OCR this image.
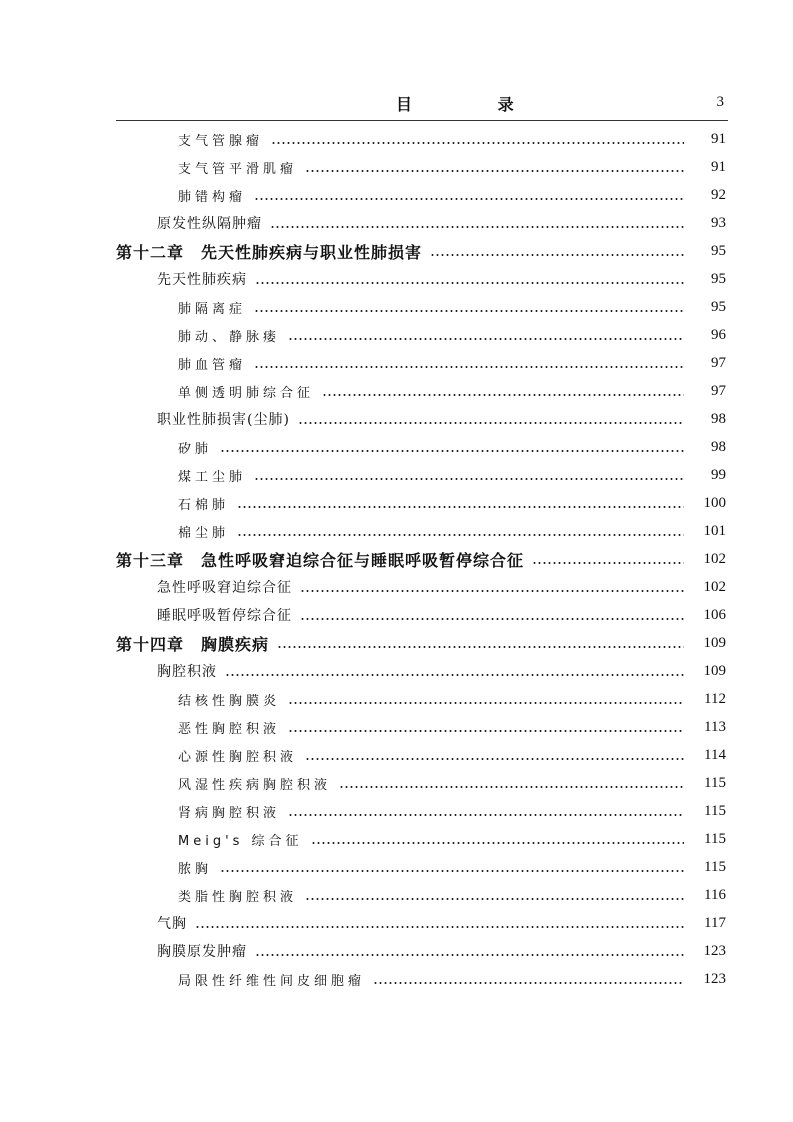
目 录	3
支气管腺瘤	91
支气管平滑肌瘤	91
肺错构瘤	92
原发性纵隔肿瘤	93
第十二章　先天性肺疾病与职业性肺损害	95
先天性肺疾病	95
肺隔离症	95
肺动、静脉瘘	96
肺血管瘤	97
单侧透明肺综合征	97
职业性肺损害(尘肺)	98
矽肺	98
煤工尘肺	99
石棉肺	100
棉尘肺	101
第十三章　急性呼吸窘迫综合征与睡眠呼吸暂停综合征	102
急性呼吸窘迫综合征	102
睡眠呼吸暂停综合征	106
第十四章　胸膜疾病	109
胸腔积液	109
结核性胸膜炎	112
恶性胸腔积液	113
心源性胸腔积液	114
风湿性疾病胸腔积液	115
肾病胸腔积液	115
Meig's 综合征	115
脓胸	115
类脂性胸腔积液	116
气胸	117
胸膜原发肿瘤	123
局限性纤维性间皮细胞瘤	123
